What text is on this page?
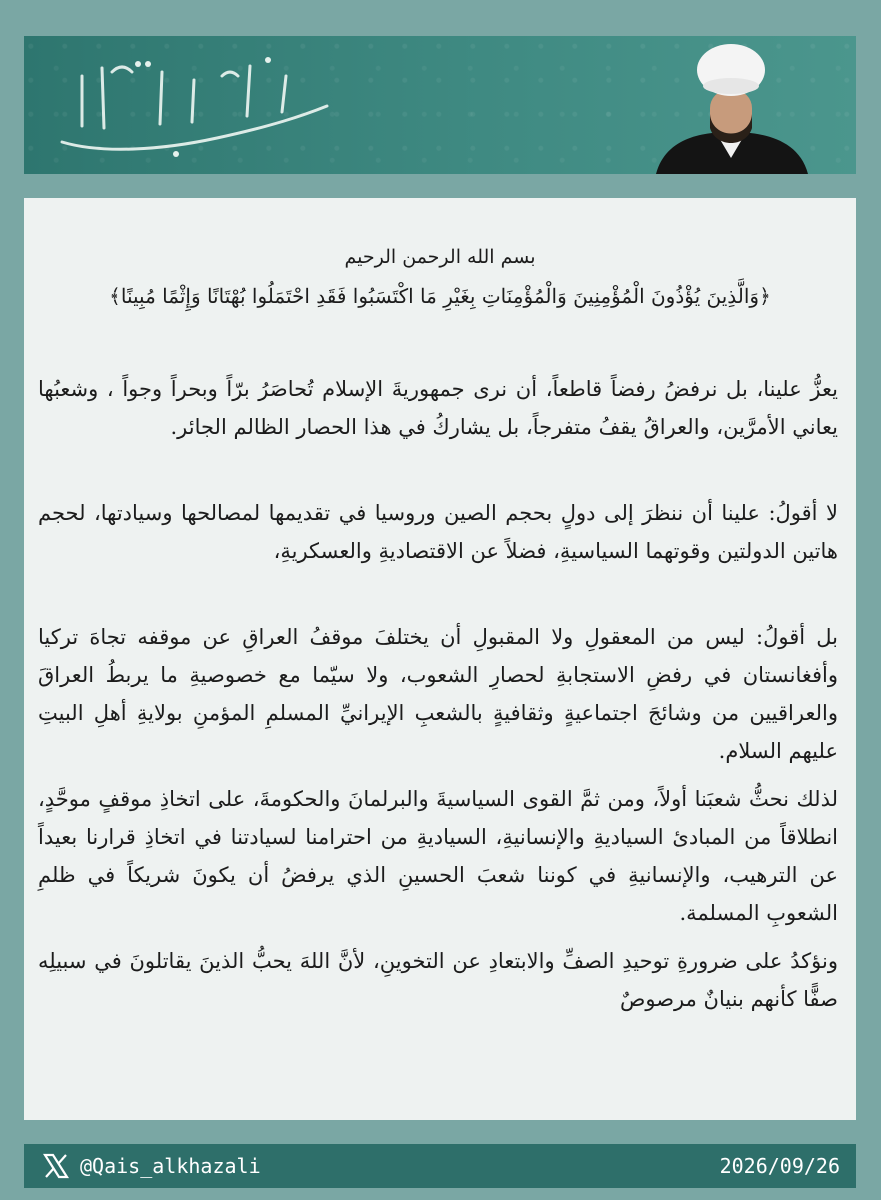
بسم الله الرحمن الرحيم
﴿وَالَّذِينَ يُؤْذُونَ الْمُؤْمِنِينَ وَالْمُؤْمِنَاتِ بِغَيْرِ مَا اكْتَسَبُوا فَقَدِ احْتَمَلُوا بُهْتَانًا وَإِثْمًا مُبِينًا﴾

يعزُّ علينا، بل نرفضُ رفضاً قاطعاً، أن نرى جمهوريةَ الإسلام تُحاصَرُ برّاً وبحراً وجواً ، وشعبُها يعاني الأمرَّين، والعراقُ يقفُ متفرجاً، بل يشاركُ في هذا الحصار الظالم الجائر.

لا أقولُ: علينا أن ننظرَ إلى دولٍ بحجم الصين وروسيا في تقديمها لمصالحها وسيادتها، لحجم هاتين الدولتين وقوتهما السياسيةِ، فضلاً عن الاقتصاديةِ والعسكريةِ،

بل أقولُ: ليس من المعقولِ ولا المقبولِ أن يختلفَ موقفُ العراقِ عن موقفه تجاهَ تركيا وأفغانستان في رفضِ الاستجابةِ لحصارِ الشعوب، ولا سيّما مع خصوصيةِ ما يربطُ العراقَ والعراقيين من وشائجَ اجتماعيةٍ وثقافيةٍ بالشعبِ الإيرانيِّ المسلمِ المؤمنِ بولايةِ أهلِ البيتِ عليهم السلام.

لذلك نحثُّ شعبَنا أولاً، ومن ثمَّ القوى السياسيةَ والبرلمانَ والحكومةَ، على اتخاذِ موقفٍ موحَّدٍ، انطلاقاً من المبادئ السياديةِ والإنسانيةِ، السياديةِ من احترامنا لسيادتنا في اتخاذِ قرارنا بعيداً عن الترهيب، والإنسانيةِ في كوننا شعبَ الحسينِ الذي يرفضُ أن يكونَ شريكاً في ظلمِ الشعوبِ المسلمة.

ونؤكدُ على ضرورةِ توحيدِ الصفِّ والابتعادِ عن التخوينِ، لأنَّ اللهَ يحبُّ الذينَ يقاتلونَ في سبيلِه صفًّا كأنهم بنيانٌ مرصوصٌ

@Qais_alkhazali	2026/09/26
